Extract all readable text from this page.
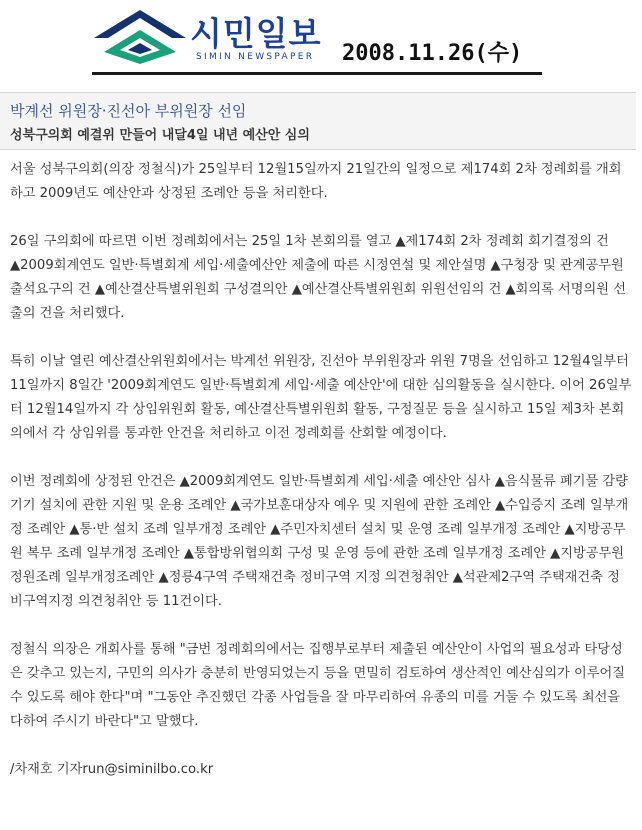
시민일보
SIMIN NEWSPAPER 2008.11.26(수)
박계선 위원장·진선아 부위원장 선임
성북구의회 예결위 만들어 내달4일 내년 예산안 심의

서울 성북구의회(의장 정철식)가 25일부터 12월15일까지 21일간의 일정으로 제174회 2차 정례회를 개회하고 2009년도 예산안과 상정된 조례안 등을 처리한다.

26일 구의회에 따르면 이번 정례회에서는 25일 1차 본회의를 열고 ▲제174회 2차 정례회 회기결정의 건 ▲2009회계연도 일반·특별회계 세입·세출예산안 제출에 따른 시정연설 및 제안설명 ▲구청장 및 관계공무원 출석요구의 건 ▲예산결산특별위원회 구성결의안 ▲예산결산특별위원회 위원선임의 건 ▲회의록 서명의원 선출의 건을 처리했다.

특히 이날 열린 예산결산위원회에서는 박계선 위원장, 진선아 부위원장과 위원 7명을 선임하고 12월4일부터 11일까지 8일간 '2009회계연도 일반·특별회계 세입·세출 예산안'에 대한 심의활동을 실시한다. 이어 26일부터 12월14일까지 각 상임위원회 활동, 예산결산특별위원회 활동, 구정질문 등을 실시하고 15일 제3차 본회의에서 각 상임위를 통과한 안건을 처리하고 이전 정례회를 산회할 예정이다.

이번 정례회에 상정된 안건은 ▲2009회계연도 일반·특별회계 세입·세출 예산안 심사 ▲음식물류 폐기물 감량기기 설치에 관한 지원 및 운용 조례안 ▲국가보훈대상자 예우 및 지원에 관한 조례안 ▲수입증지 조례 일부개정 조례안 ▲통·반 설치 조례 일부개정 조례안 ▲주민자치센터 설치 및 운영 조례 일부개정 조례안 ▲지방공무원 복무 조례 일부개정 조례안 ▲통합방위협의회 구성 및 운영 등에 관한 조례 일부개정 조례안 ▲지방공무원 정원조례 일부개정조례안 ▲정릉4구역 주택재건축 정비구역 지정 의견청취안 ▲석관제2구역 주택재건축 정비구역지정 의견청취안 등 11건이다.

정철식 의장은 개회사를 통해 "금번 정례회의에서는 집행부로부터 제출된 예산안이 사업의 필요성과 타당성은 갖추고 있는지, 구민의 의사가 충분히 반영되었는지 등을 면밀히 검토하여 생산적인 예산심의가 이루어질 수 있도록 해야 한다"며 "그동안 추진했던 각종 사업들을 잘 마무리하여 유종의 미를 거둘 수 있도록 최선을 다하여 주시기 바란다"고 말했다.

/차재호 기자run@siminilbo.co.kr
